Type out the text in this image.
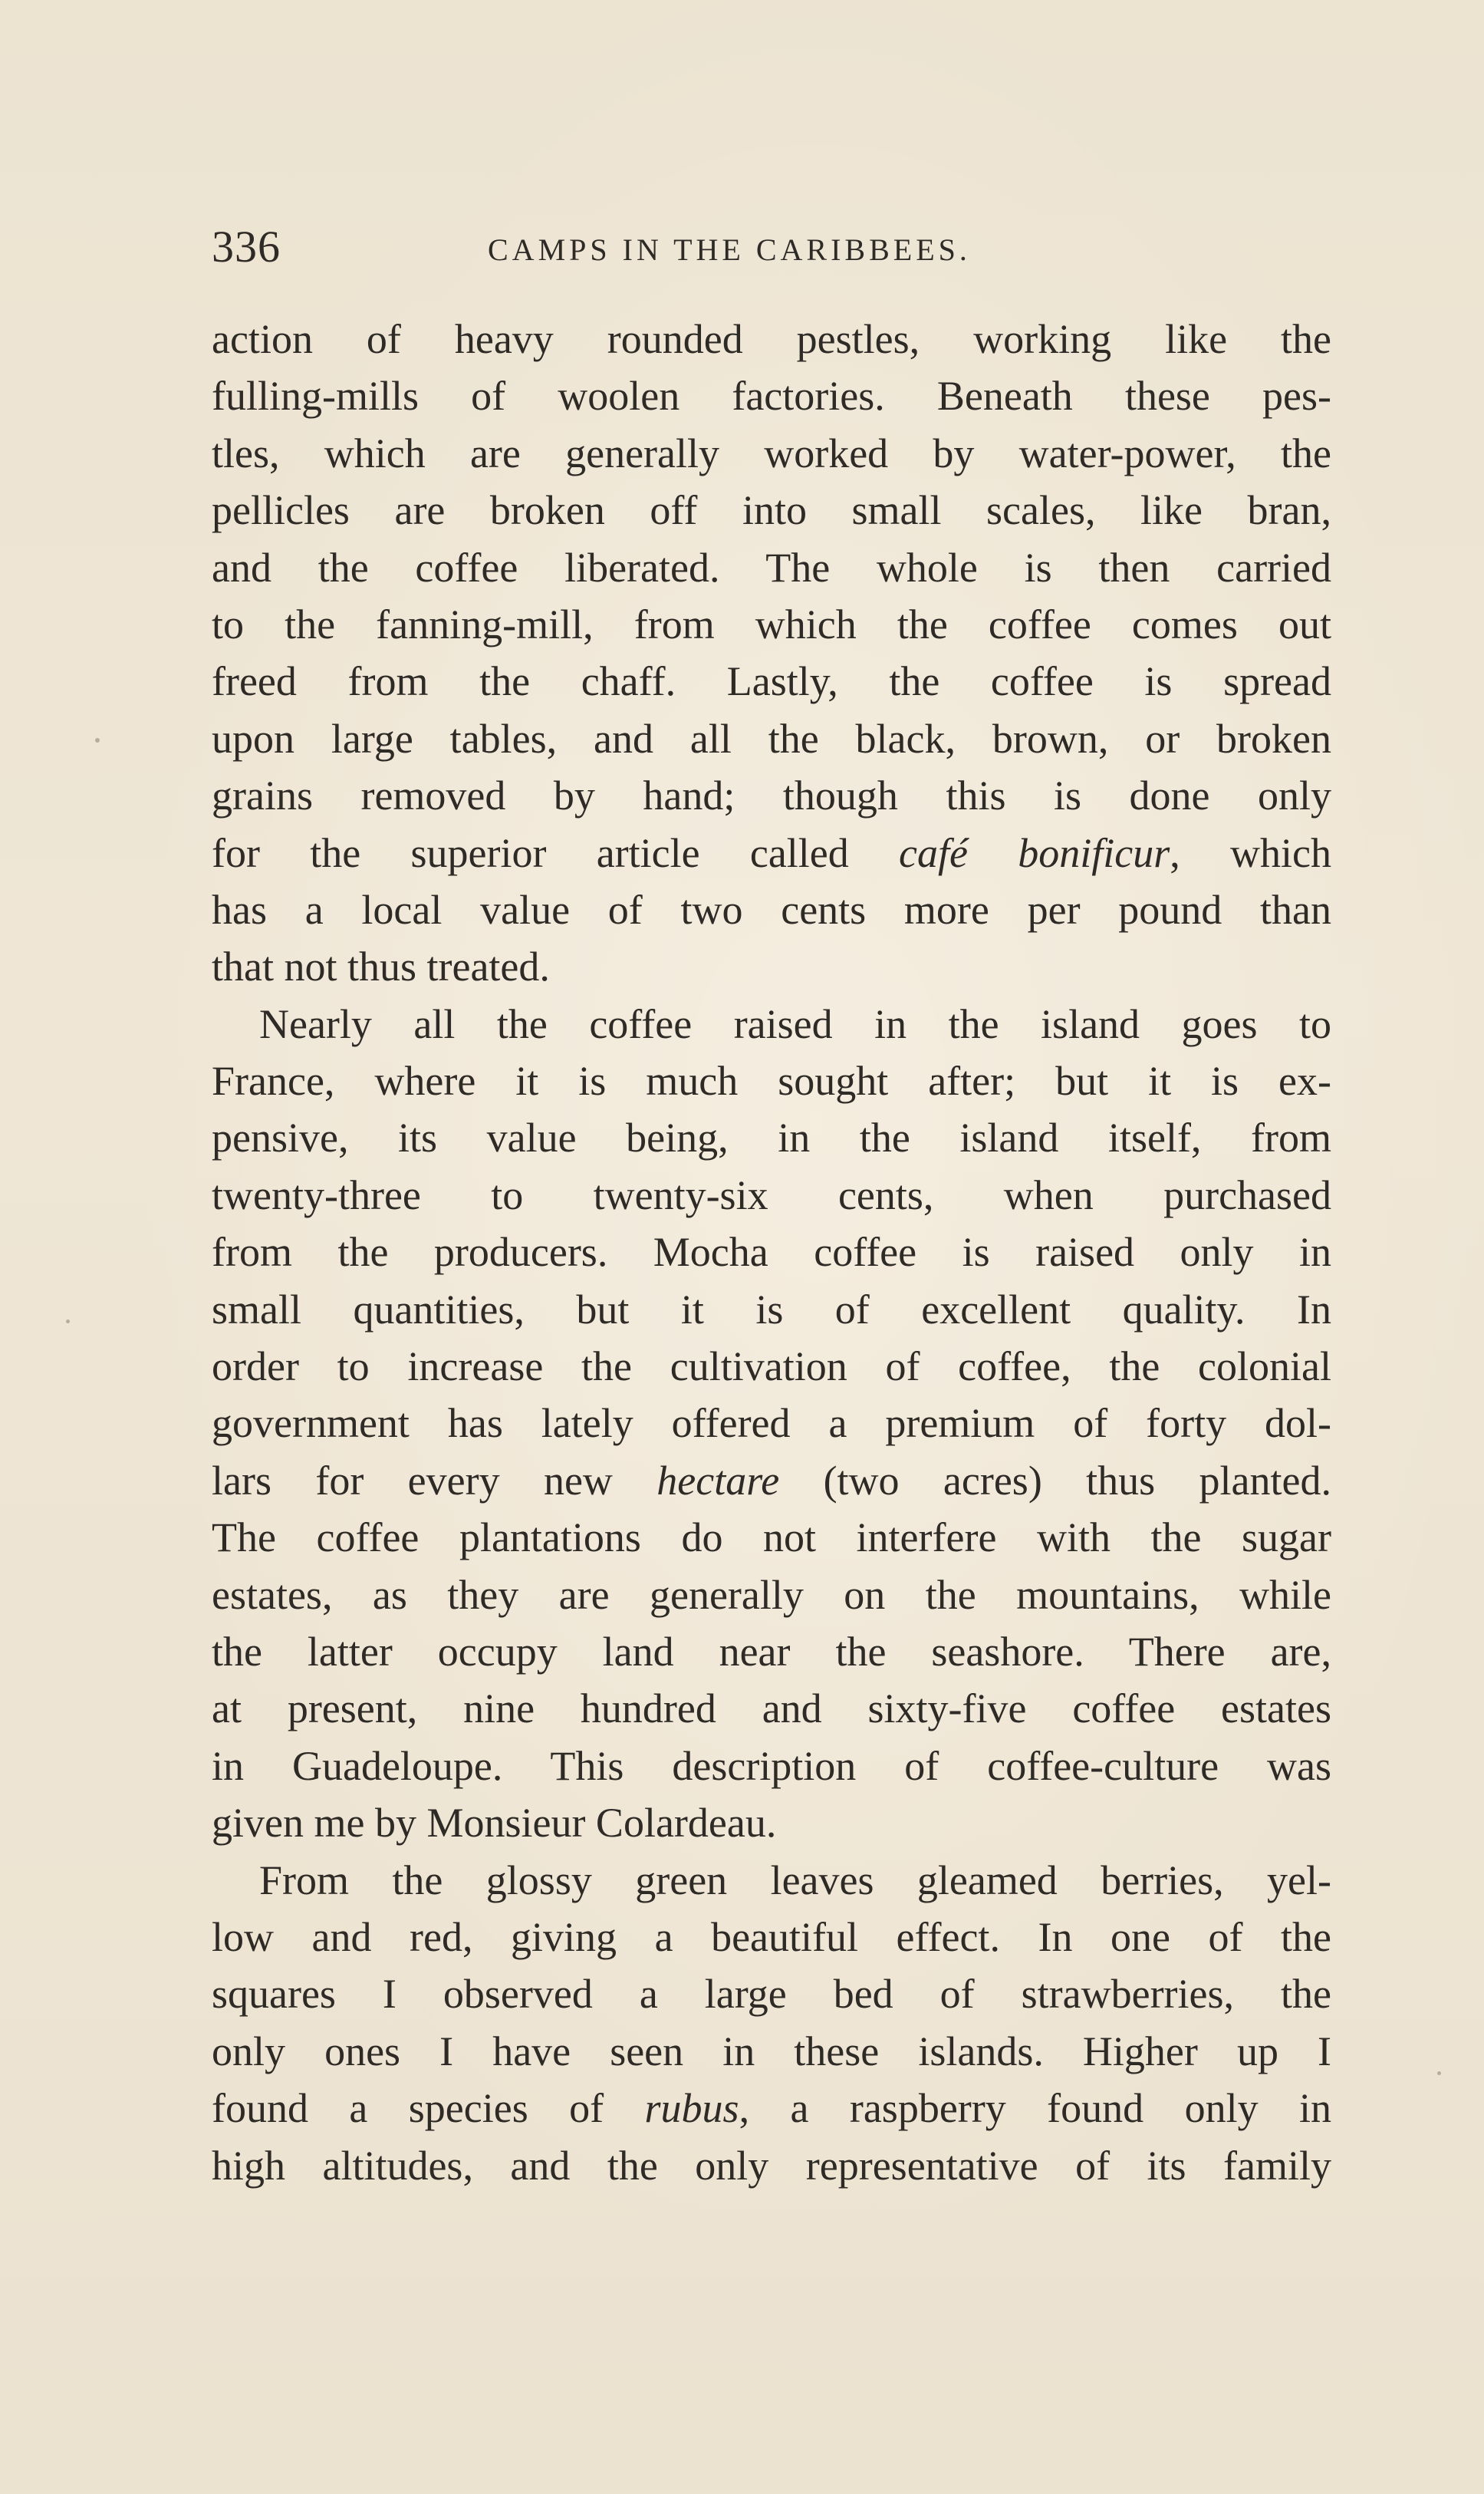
336	CAMPS IN THE CARIBBEES.
action of heavy rounded pestles, working like the
fulling-mills of woolen factories. Beneath these pes-
tles, which are generally worked by water-power, the
pellicles are broken off into small scales, like bran,
and the coffee liberated. The whole is then carried
to the fanning-mill, from which the coffee comes out
freed from the chaff. Lastly, the coffee is spread
upon large tables, and all the black, brown, or broken
grains removed by hand; though this is done only
for the superior article called café bonificur, which
has a local value of two cents more per pound than
that not thus treated.
Nearly all the coffee raised in the island goes to
France, where it is much sought after; but it is ex-
pensive, its value being, in the island itself, from
twenty-three to twenty-six cents, when purchased
from the producers. Mocha coffee is raised only in
small quantities, but it is of excellent quality. In
order to increase the cultivation of coffee, the colonial
government has lately offered a premium of forty dol-
lars for every new hectare (two acres) thus planted.
The coffee plantations do not interfere with the sugar
estates, as they are generally on the mountains, while
the latter occupy land near the seashore. There are,
at present, nine hundred and sixty-five coffee estates
in Guadeloupe. This description of coffee-culture was
given me by Monsieur Colardeau.
From the glossy green leaves gleamed berries, yel-
low and red, giving a beautiful effect. In one of the
squares I observed a large bed of strawberries, the
only ones I have seen in these islands. Higher up I
found a species of rubus, a raspberry found only in
high altitudes, and the only representative of its family
